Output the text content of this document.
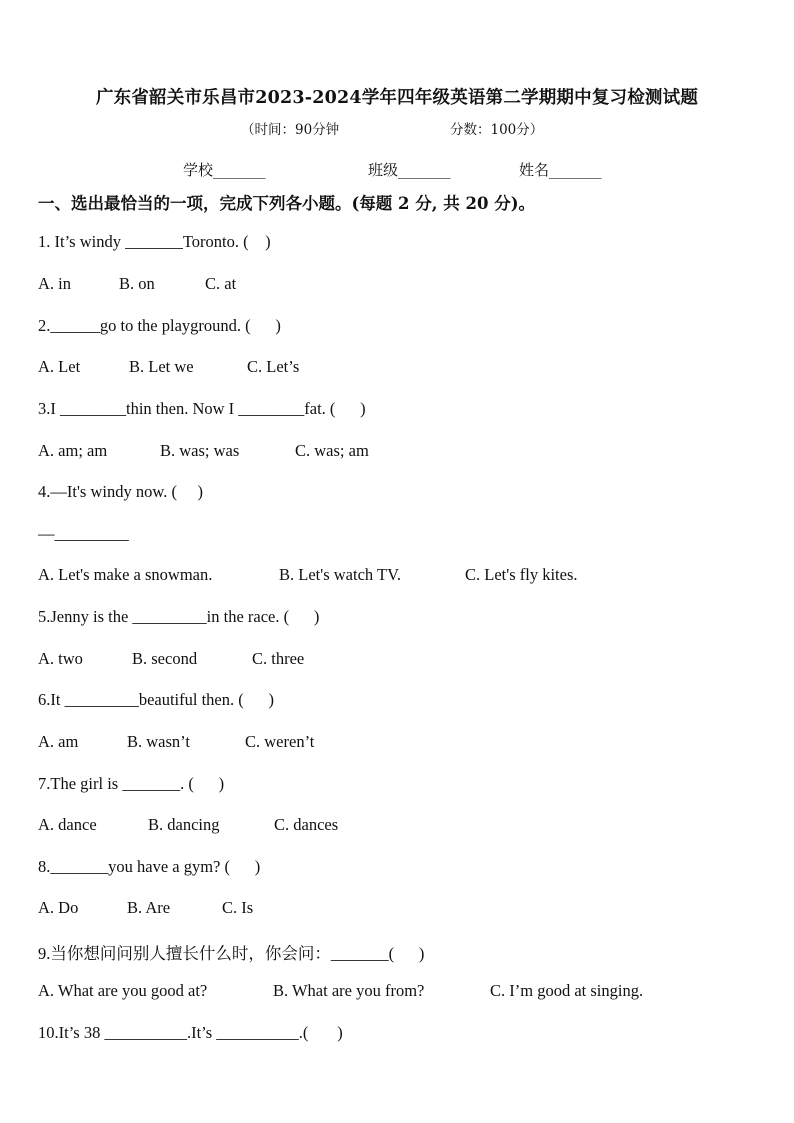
广东省韶关市乐昌市2023-2024学年四年级英语第二学期期中复习检测试题
（时间：90分钟	分数：100分）
学校_______	班级_______	姓名_______
一、选出最恰当的一项，完成下列各小题。(每题 2 分, 共 20 分)。
1. It’s windy _______Toronto. (    )
A. in	B. on	C. at
2.______go to the playground. (      )
A. Let	B. Let we	C. Let’s
3.I ________thin then. Now I ________fat. (      )
A. am; am	B. was; was	C. was; am
4.—It's windy now. (     )
—_________
A. Let's make a snowman.	B. Let's watch TV.	C. Let's fly kites.
5.Jenny is the _________in the race. (      )
A. two	B. second	C. three
6.It _________beautiful then. (      )
A. am	B. wasn’t	C. weren’t
7.The girl is _______. (      )
A. dance	B. dancing	C. dances
8._______you have a gym? (      )
A. Do	B. Are	C. Is
9.当你想问问别人擅长什么时，你会问：_______(      )
A. What are you good at?	B. What are you from?	C. I’m good at singing.
10.It’s 38 __________.It’s __________.(       )
